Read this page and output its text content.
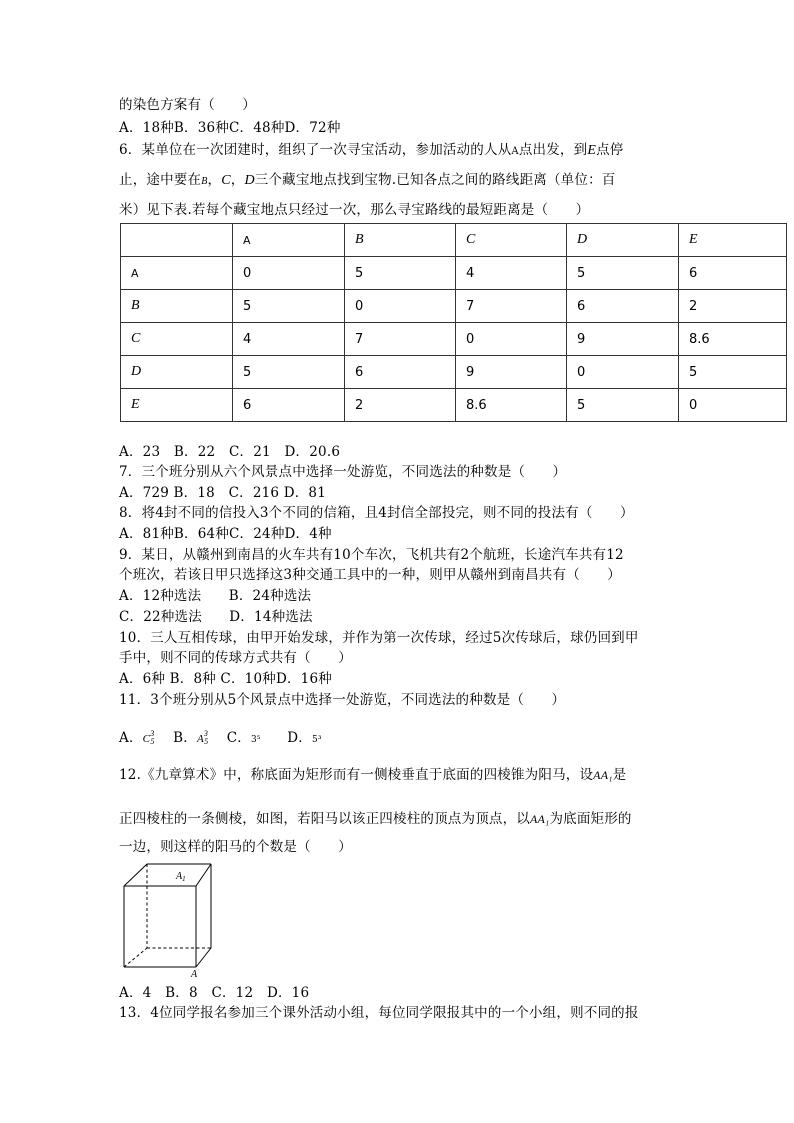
的染色方案有（　　）
A．18种B．36种C．48种D．72种
6．某单位在一次团建时，组织了一次寻宝活动，参加活动的人从A点出发，到E点停
止，途中要在B，C，D三个藏宝地点找到宝物.已知各点之间的路线距离（单位：百
米）见下表.若每个藏宝地点只经过一次，那么寻宝路线的最短距离是（　　）
	A	B	C	D	E
A	0	5	4	5	6
B	5	0	7	6	2
C	4	7	0	9	8.6
D	5	6	9	0	5
E	6	2	8.6	5	0
A．23　B．22　C．21　D．20.6
7．三个班分别从六个风景点中选择一处游览，不同选法的种数是（　　）
A．729 B．18　C．216 D．81
8．将4封不同的信投入3个不同的信箱，且4封信全部投完，则不同的投法有（　　）
A．81种B．64种C．24种D．4种
9．某日，从赣州到南昌的火车共有10个车次，飞机共有2个航班，长途汽车共有12
个班次，若该日甲只选择这3种交通工具中的一种，则甲从赣州到南昌共有（　　）
A．12种选法　　B．24种选法
C．22种选法　　D．14种选法
10．三人互相传球，由甲开始发球，并作为第一次传球，经过5次传球后，球仍回到甲
手中，则不同的传球方式共有（　　）
A．6种 B．8种 C．10种D．16种
11．3个班分别从5个风景点中选择一处游览，不同选法的种数是（　　）
A．$C^3_5$ B．$A^3_5$ C．3⁵ D．5³
12.《九章算术》中，称底面为矩形而有一侧棱垂直于底面的四棱锥为阳马，设AA₁是
正四棱柱的一条侧棱，如图，若阳马以该正四棱柱的顶点为顶点，以AA₁为底面矩形的
一边，则这样的阳马的个数是（　　）
$A_1$
A
A．4　B．8　C．12　D．16
13．4位同学报名参加三个课外活动小组，每位同学限报其中的一个小组，则不同的报
